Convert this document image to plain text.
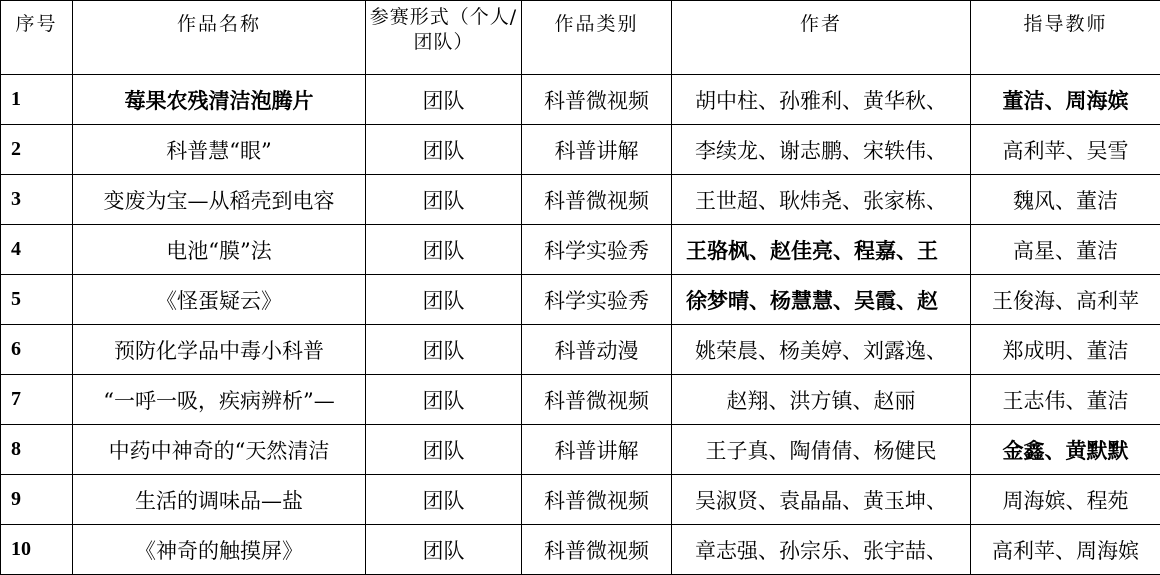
序号	作品名称	参赛形式（个人/团队）	作品类别	作者	指导教师
1	莓果农残清洁泡腾片	团队	科普微视频	胡中柱、孙雅利、黄华秋、	董洁、周海嫔
2	科普慧“眼”	团队	科普讲解	李续龙、谢志鹏、宋轶伟、	高利苹、吴雪
3	变废为宝—从稻壳到电容	团队	科普微视频	王世超、耿炜尧、张家栋、	魏风、董洁
4	电池“膜”法	团队	科学实验秀	王骆枫、赵佳亮、程嘉、王	高星、董洁
5	《怪蛋疑云》	团队	科学实验秀	徐梦晴、杨慧慧、吴霞、赵	王俊海、高利苹
6	预防化学品中毒小科普	团队	科普动漫	姚荣晨、杨美婷、刘露逸、	郑成明、董洁
7	“一呼一吸，疾病辨析”—	团队	科普微视频	赵翔、洪方镇、赵丽	王志伟、董洁
8	中药中神奇的“天然清洁	团队	科普讲解	王子真、陶倩倩、杨健民	金鑫、黄默默
9	生活的调味品—盐	团队	科普微视频	吴淑贤、袁晶晶、黄玉坤、	周海嫔、程苑
10	《神奇的触摸屏》	团队	科普微视频	章志强、孙宗乐、张宇喆、	高利苹、周海嫔
